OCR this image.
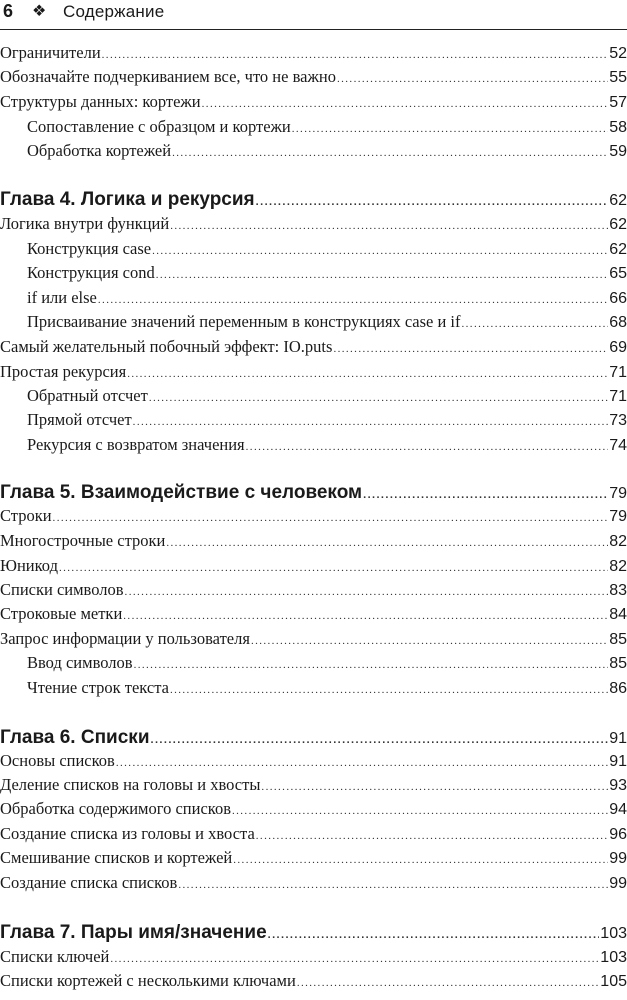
6 ❖ Содержание
Ограничители .....	52
Обозначайте подчеркиванием все, что не важно .....	55
Структуры данных: кортежи .....	57
Сопоставление с образцом и кортежи .....	58
Обработка кортежей .....	59
Глава 4. Логика и рекурсия .....	62
Логика внутри функций .....	62
Конструкция case .....	62
Конструкция cond .....	65
if или else .....	66
Присваивание значений переменным в конструкциях case и if .....	68
Самый желательный побочный эффект: IO.puts .....	69
Простая рекурсия .....	71
Обратный отсчет .....	71
Прямой отсчет .....	73
Рекурсия с возвратом значения .....	74
Глава 5. Взаимодействие с человеком .....	79
Строки .....	79
Многострочные строки .....	82
Юникод .....	82
Списки символов .....	83
Строковые метки .....	84
Запрос информации у пользователя .....	85
Ввод символов .....	85
Чтение строк текста .....	86
Глава 6. Списки .....	91
Основы списков .....	91
Деление списков на головы и хвосты .....	93
Обработка содержимого списков .....	94
Создание списка из головы и хвоста .....	96
Смешивание списков и кортежей .....	99
Создание списка списков .....	99
Глава 7. Пары имя/значение .....	103
Списки ключей .....	103
Списки кортежей с несколькими ключами .....	105
